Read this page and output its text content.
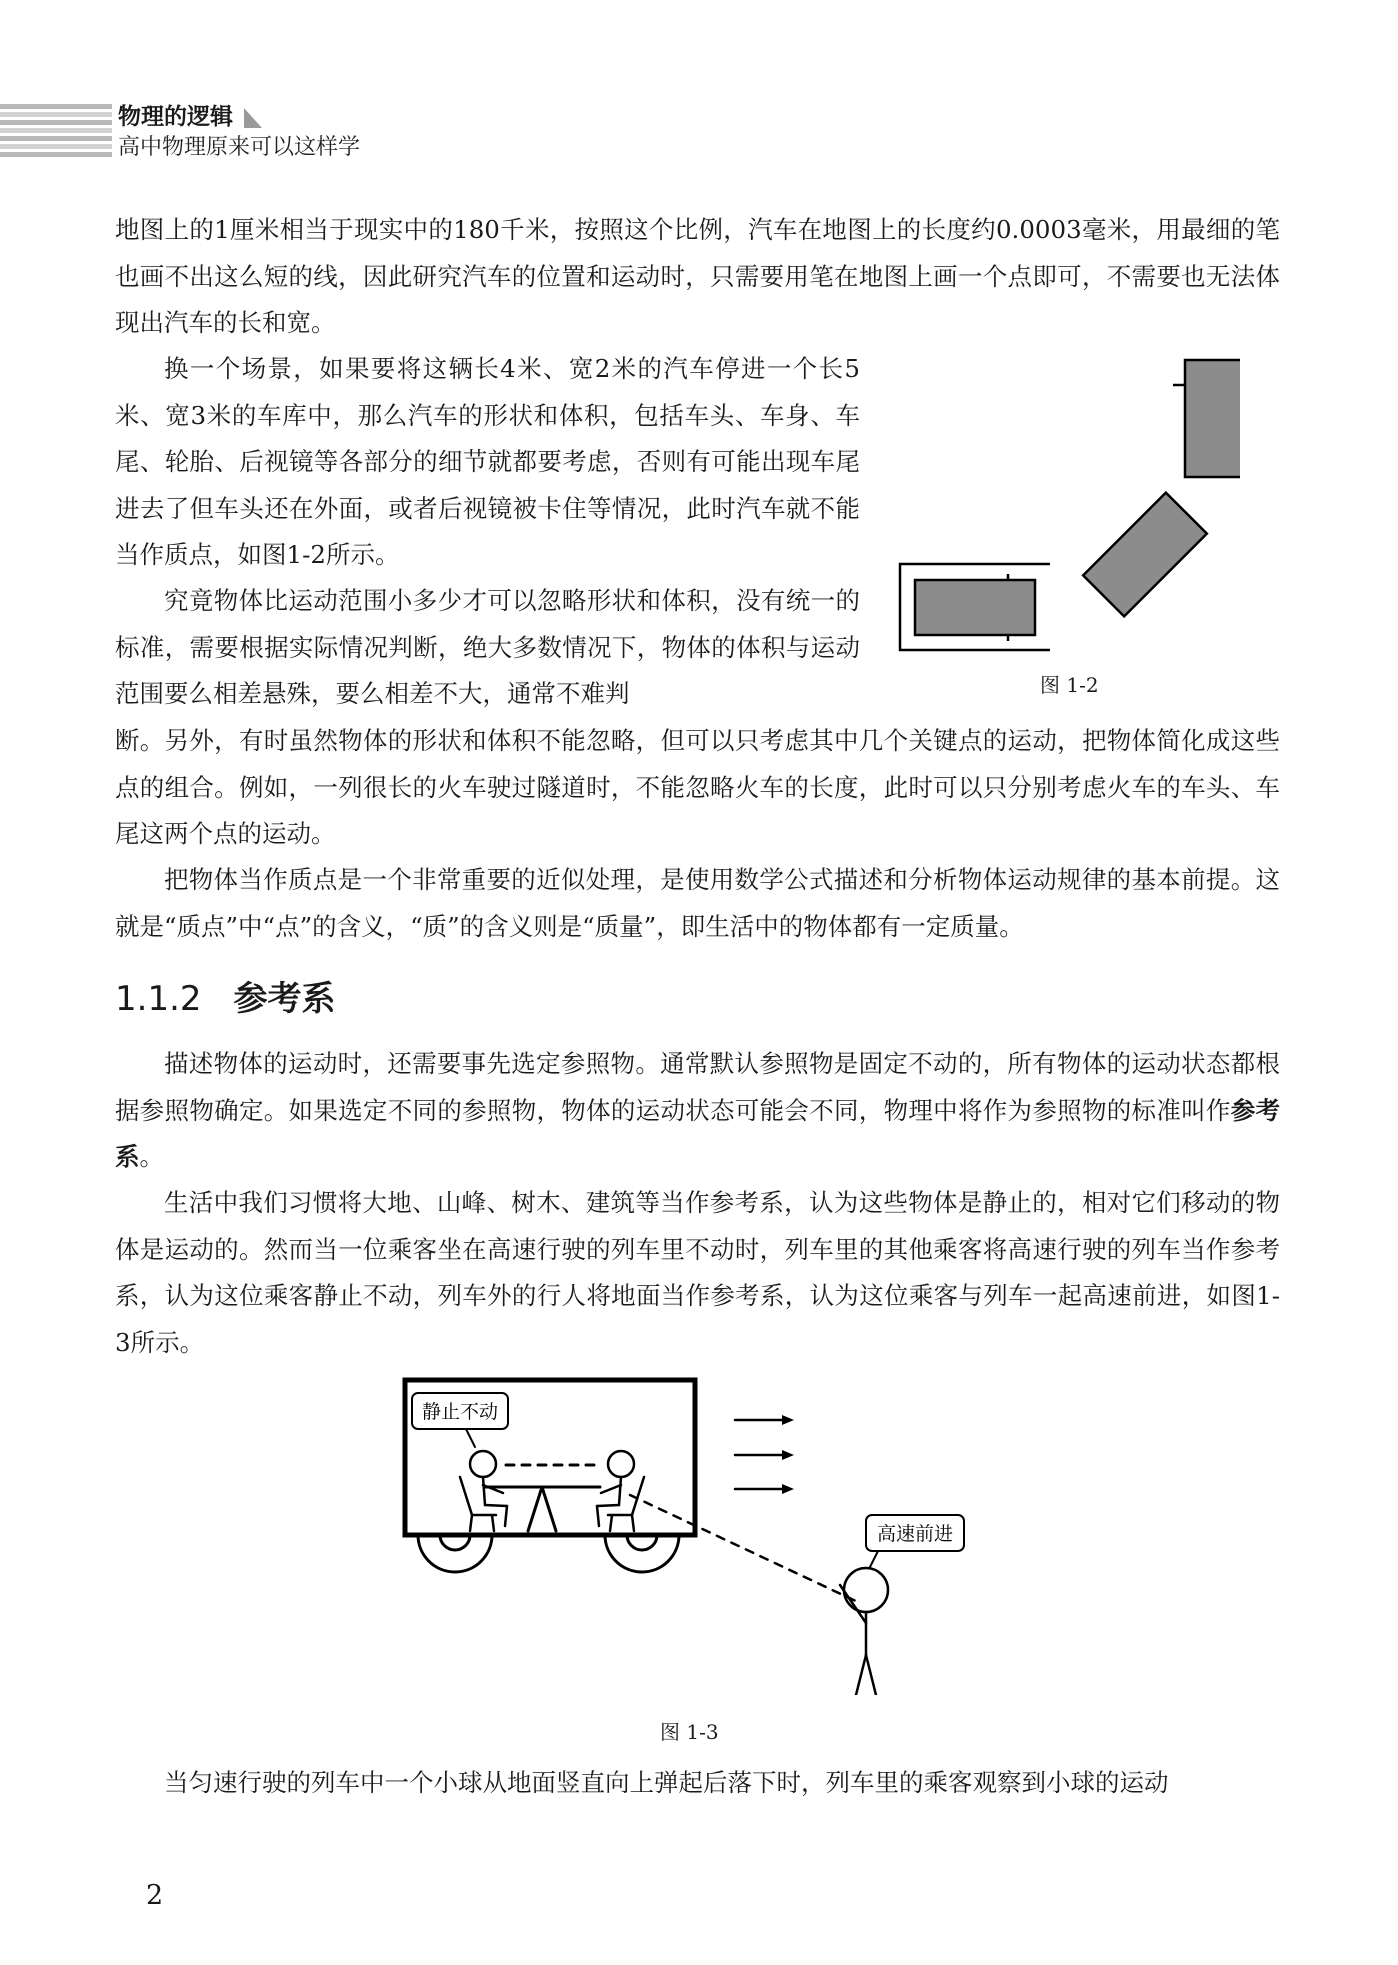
物理的逻辑

高中物理原来可以这样学

地图上的1厘米相当于现实中的180千米，按照这个比例，汽车在地图上的长度约0.0003毫米，用最细的笔也画不出这么短的线，因此研究汽车的位置和运动时，只需要用笔在地图上画一个点即可，不需要也无法体现出汽车的长和宽。

换一个场景，如果要将这辆长4米、宽2米的汽车停进一个长5米、宽3米的车库中，那么汽车的形状和体积，包括车头、车身、车尾、轮胎、后视镜等各部分的细节就都要考虑，否则有可能出现车尾进去了但车头还在外面，或者后视镜被卡住等情况，此时汽车就不能当作质点，如图1-2所示。

究竟物体比运动范围小多少才可以忽略形状和体积，没有统一的标准，需要根据实际情况判断，绝大多数情况下，物体的体积与运动范围要么相差悬殊，要么相差不大，通常不难判

断。另外，有时虽然物体的形状和体积不能忽略，但可以只考虑其中几个关键点的运动，把物体简化成这些点的组合。例如，一列很长的火车驶过隧道时，不能忽略火车的长度，此时可以只分别考虑火车的车头、车尾这两个点的运动。

把物体当作质点是一个非常重要的近似处理，是使用数学公式描述和分析物体运动规律的基本前提。这就是“质点”中“点”的含义，“质”的含义则是“质量”，即生活中的物体都有一定质量。

1.1.2 参考系

描述物体的运动时，还需要事先选定参照物。通常默认参照物是固定不动的，所有物体的运动状态都根据参照物确定。如果选定不同的参照物，物体的运动状态可能会不同，物理中将作为参照物的标准叫作参考系。

生活中我们习惯将大地、山峰、树木、建筑等当作参考系，认为这些物体是静止的，相对它们移动的物体是运动的。然而当一位乘客坐在高速行驶的列车里不动时，列车里的其他乘客将高速行驶的列车当作参考系，认为这位乘客静止不动，列车外的行人将地面当作参考系，认为这位乘客与列车一起高速前进，如图1-3所示。

图 1-2

静止不动
高速前进

图 1-3

当匀速行驶的列车中一个小球从地面竖直向上弹起后落下时，列车里的乘客观察到小球的运动

2
